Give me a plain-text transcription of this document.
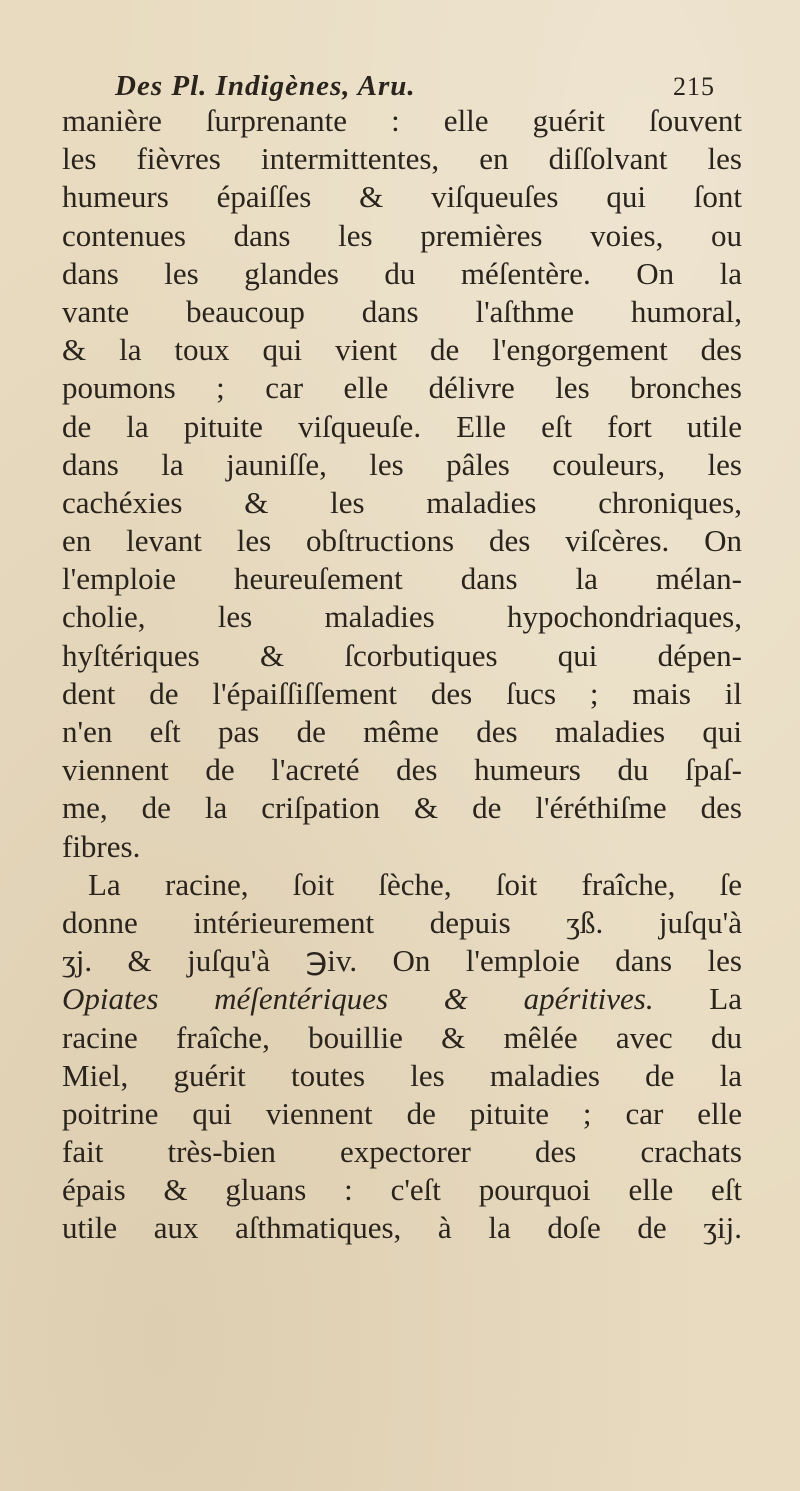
Des Pl. Indigènes, Aru.	215
manière ſurprenante : elle guérit ſouvent
les fièvres intermittentes, en diſſolvant les
humeurs épaiſſes & viſqueuſes qui ſont
contenues dans les premières voies, ou
dans les glandes du méſentère. On la
vante beaucoup dans l'aſthme humoral,
& la toux qui vient de l'engorgement des
poumons ; car elle délivre les bronches
de la pituite viſqueuſe. Elle eſt fort utile
dans la jauniſſe, les pâles couleurs, les
cachéxies & les maladies chroniques,
en levant les obſtructions des viſcères. On
l'emploie heureuſement dans la mélan-
cholie, les maladies hypochondriaques,
hyſtériques & ſcorbutiques qui dépen-
dent de l'épaiſſiſſement des ſucs ; mais il
n'en eſt pas de même des maladies qui
viennent de l'acreté des humeurs du ſpaſ-
me, de la criſpation & de l'éréthiſme des
fibres.
La racine, ſoit ſèche, ſoit fraîche, ſe
donne intérieurement depuis ʒß. juſqu'à
ʒj. & juſqu'à ℈iv. On l'emploie dans les
Opiates méſentériques & apéritives. La
racine fraîche, bouillie & mêlée avec du
Miel, guérit toutes les maladies de la
poitrine qui viennent de pituite ; car elle
fait très-bien expectorer des crachats
épais & gluans : c'eſt pourquoi elle eſt
utile aux aſthmatiques, à la doſe de ʒij.
